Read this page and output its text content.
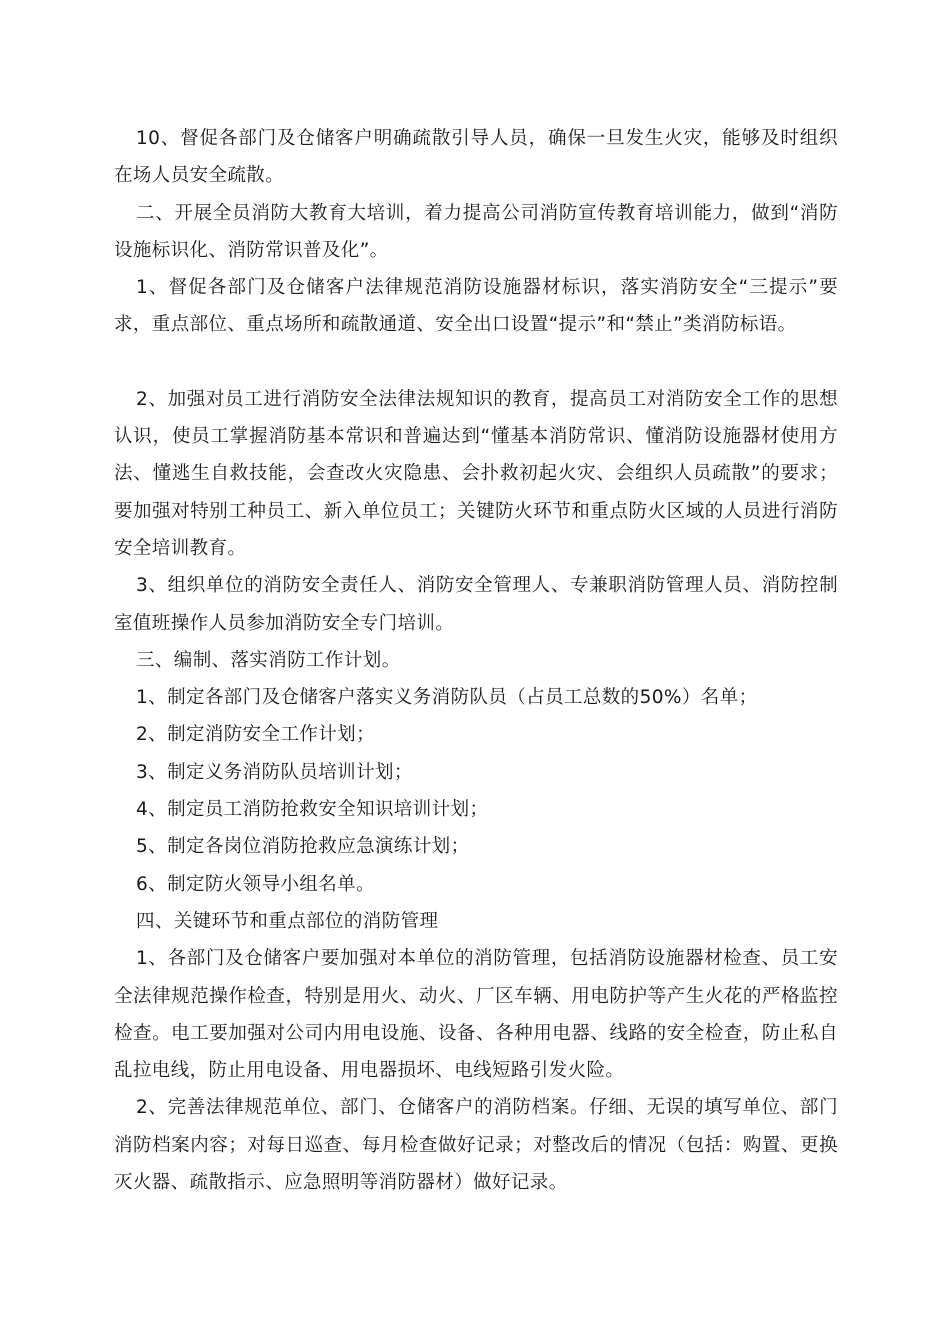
10、督促各部门及仓储客户明确疏散引导人员，确保一旦发生火灾，能够及时组织在场人员安全疏散。

二、开展全员消防大教育大培训，着力提高公司消防宣传教育培训能力，做到“消防设施标识化、消防常识普及化”。

1、督促各部门及仓储客户法律规范消防设施器材标识，落实消防安全“三提示”要求，重点部位、重点场所和疏散通道、安全出口设置“提示”和“禁止”类消防标语。

2、加强对员工进行消防安全法律法规知识的教育，提高员工对消防安全工作的思想认识，使员工掌握消防基本常识和普遍达到“懂基本消防常识、懂消防设施器材使用方法、懂逃生自救技能，会查改火灾隐患、会扑救初起火灾、会组织人员疏散”的要求；要加强对特别工种员工、新入单位员工；关键防火环节和重点防火区域的人员进行消防安全培训教育。

3、组织单位的消防安全责任人、消防安全管理人、专兼职消防管理人员、消防控制室值班操作人员参加消防安全专门培训。

三、编制、落实消防工作计划。

1、制定各部门及仓储客户落实义务消防队员（占员工总数的50%）名单；

2、制定消防安全工作计划；

3、制定义务消防队员培训计划；

4、制定员工消防抢救安全知识培训计划；

5、制定各岗位消防抢救应急演练计划；

6、制定防火领导小组名单。

四、关键环节和重点部位的消防管理

1、各部门及仓储客户要加强对本单位的消防管理，包括消防设施器材检查、员工安全法律规范操作检查，特别是用火、动火、厂区车辆、用电防护等产生火花的严格监控检查。电工要加强对公司内用电设施、设备、各种用电器、线路的安全检查，防止私自乱拉电线，防止用电设备、用电器损坏、电线短路引发火险。

2、完善法律规范单位、部门、仓储客户的消防档案。仔细、无误的填写单位、部门消防档案内容；对每日巡查、每月检查做好记录；对整改后的情况（包括：购置、更换灭火器、疏散指示、应急照明等消防器材）做好记录。
